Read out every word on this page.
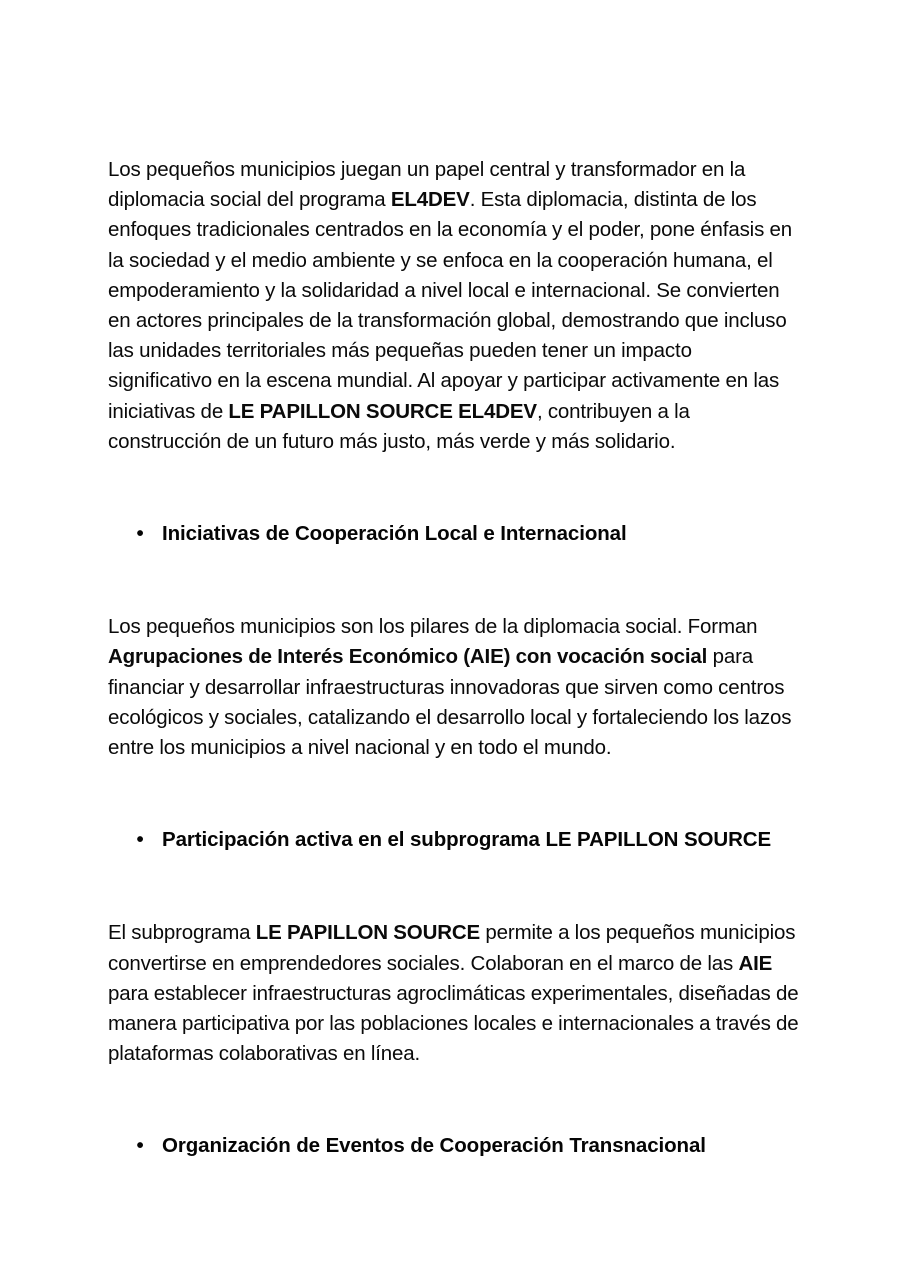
Los pequeños municipios juegan un papel central y transformador en la diplomacia social del programa EL4DEV. Esta diplomacia, distinta de los enfoques tradicionales centrados en la economía y el poder, pone énfasis en la sociedad y el medio ambiente y se enfoca en la cooperación humana, el empoderamiento y la solidaridad a nivel local e internacional. Se convierten en actores principales de la transformación global, demostrando que incluso las unidades territoriales más pequeñas pueden tener un impacto significativo en la escena mundial. Al apoyar y participar activamente en las iniciativas de LE PAPILLON SOURCE EL4DEV, contribuyen a la construcción de un futuro más justo, más verde y más solidario.

• Iniciativas de Cooperación Local e Internacional

Los pequeños municipios son los pilares de la diplomacia social. Forman Agrupaciones de Interés Económico (AIE) con vocación social para financiar y desarrollar infraestructuras innovadoras que sirven como centros ecológicos y sociales, catalizando el desarrollo local y fortaleciendo los lazos entre los municipios a nivel nacional y en todo el mundo.

• Participación activa en el subprograma LE PAPILLON SOURCE

El subprograma LE PAPILLON SOURCE permite a los pequeños municipios convertirse en emprendedores sociales. Colaboran en el marco de las AIE para establecer infraestructuras agroclimáticas experimentales, diseñadas de manera participativa por las poblaciones locales e internacionales a través de plataformas colaborativas en línea.

• Organización de Eventos de Cooperación Transnacional
